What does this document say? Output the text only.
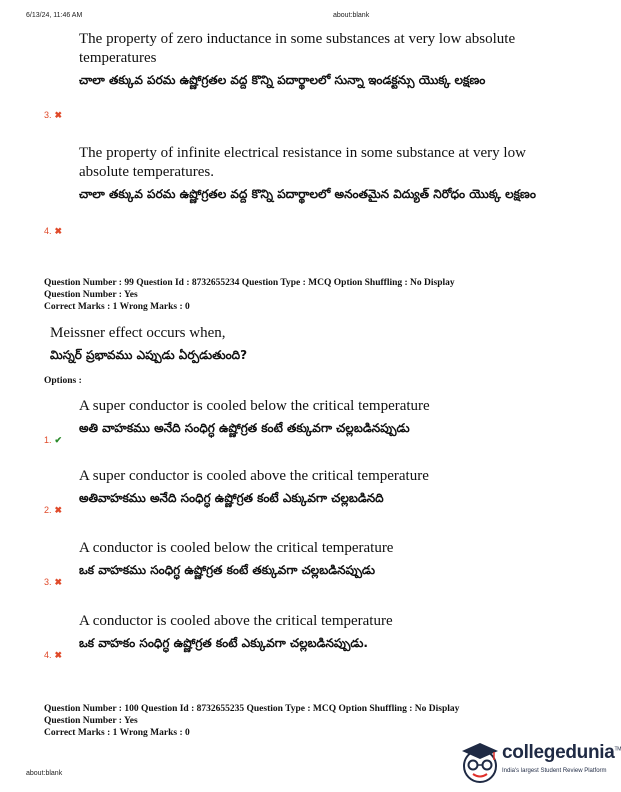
6/13/24, 11:46 AM	about:blank
The property of zero inductance in some substances at very low absolute temperatures
చాలా తక్కువ పరమ ఉష్ణోగ్రతల వద్ద కొన్ని పదార్థాలలో సున్నా ఇండక్టన్సు యొక్క లక్షణం
3. ✖
The property of infinite electrical resistance in some substance at very low absolute temperatures.
చాలా తక్కువ పరమ ఉష్ణోగ్రతల వద్ద కొన్ని పదార్థాలలో అనంతమైన విద్యుత్ నిరోధం యొక్క లక్షణం
4. ✖
Question Number : 99 Question Id : 8732655234 Question Type : MCQ Option Shuffling : No Display
Question Number : Yes
Correct Marks : 1 Wrong Marks : 0
Meissner effect occurs when,
మిస్నర్ ప్రభావము ఎప్పుడు ఏర్పడుతుంది?
Options :
A super conductor is cooled below the critical temperature
అతి వాహకము అనేది సంధిగ్ధ ఉష్ణోగ్రత కంటే తక్కువగా చల్లబడినప్పుడు
1. ✔
A super conductor is cooled above the critical temperature
అతివాహకము అనేది సంధిగ్ధ ఉష్ణోగ్రత కంటే ఎక్కువగా చల్లబడినది
2. ✖
A conductor is cooled below the critical temperature
ఒక వాహకము సంధిగ్ధ ఉష్ణోగ్రత కంటే తక్కువగా చల్లబడినప్పుడు
3. ✖
A conductor is cooled above the critical temperature
ఒక వాహకం సంధిగ్ధ ఉష్ణోగ్రత కంటే ఎక్కువగా చల్లబడినప్పుడు.
4. ✖
Question Number : 100 Question Id : 8732655235 Question Type : MCQ Option Shuffling : No Display
Question Number : Yes
Correct Marks : 1 Wrong Marks : 0
about:blank
collegedunia™
India's largest Student Review Platform
